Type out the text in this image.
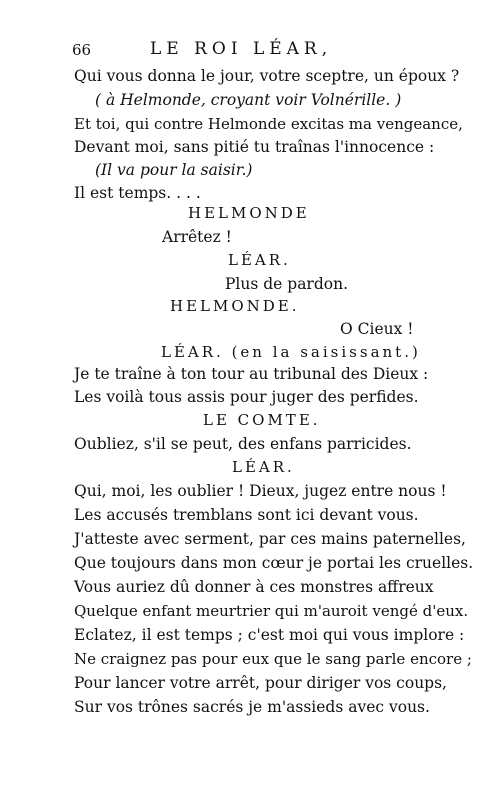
66	LE ROI LÉAR,
Qui vous donna le jour, votre sceptre, un époux ?
( à Helmonde, croyant voir Volnérille. )
Et toi, qui contre Helmonde excitas ma vengeance,
Devant moi, sans pitié tu traînas l'innocence :
(Il va pour la saisir.)
Il est temps. . . .
HELMONDE
Arrêtez !
LÉAR.
Plus de pardon.
HELMONDE.
O Cieux !
LÉAR. (en la saisissant.)
Je te traîne à ton tour au tribunal des Dieux :
Les voilà tous assis pour juger des perfides.
LE COMTE.
Oubliez, s'il se peut, des enfans parricides.
LÉAR.
Qui, moi, les oublier ! Dieux, jugez entre nous !
Les accusés tremblans sont ici devant vous.
J'atteste avec serment, par ces mains paternelles,
Que toujours dans mon cœur je portai les cruelles.
Vous auriez dû donner à ces monstres affreux
Quelque enfant meurtrier qui m'auroit vengé d'eux.
Eclatez, il est temps ; c'est moi qui vous implore :
Ne craignez pas pour eux que le sang parle encore ;
Pour lancer votre arrêt, pour diriger vos coups,
Sur vos trônes sacrés je m'assieds avec vous.
